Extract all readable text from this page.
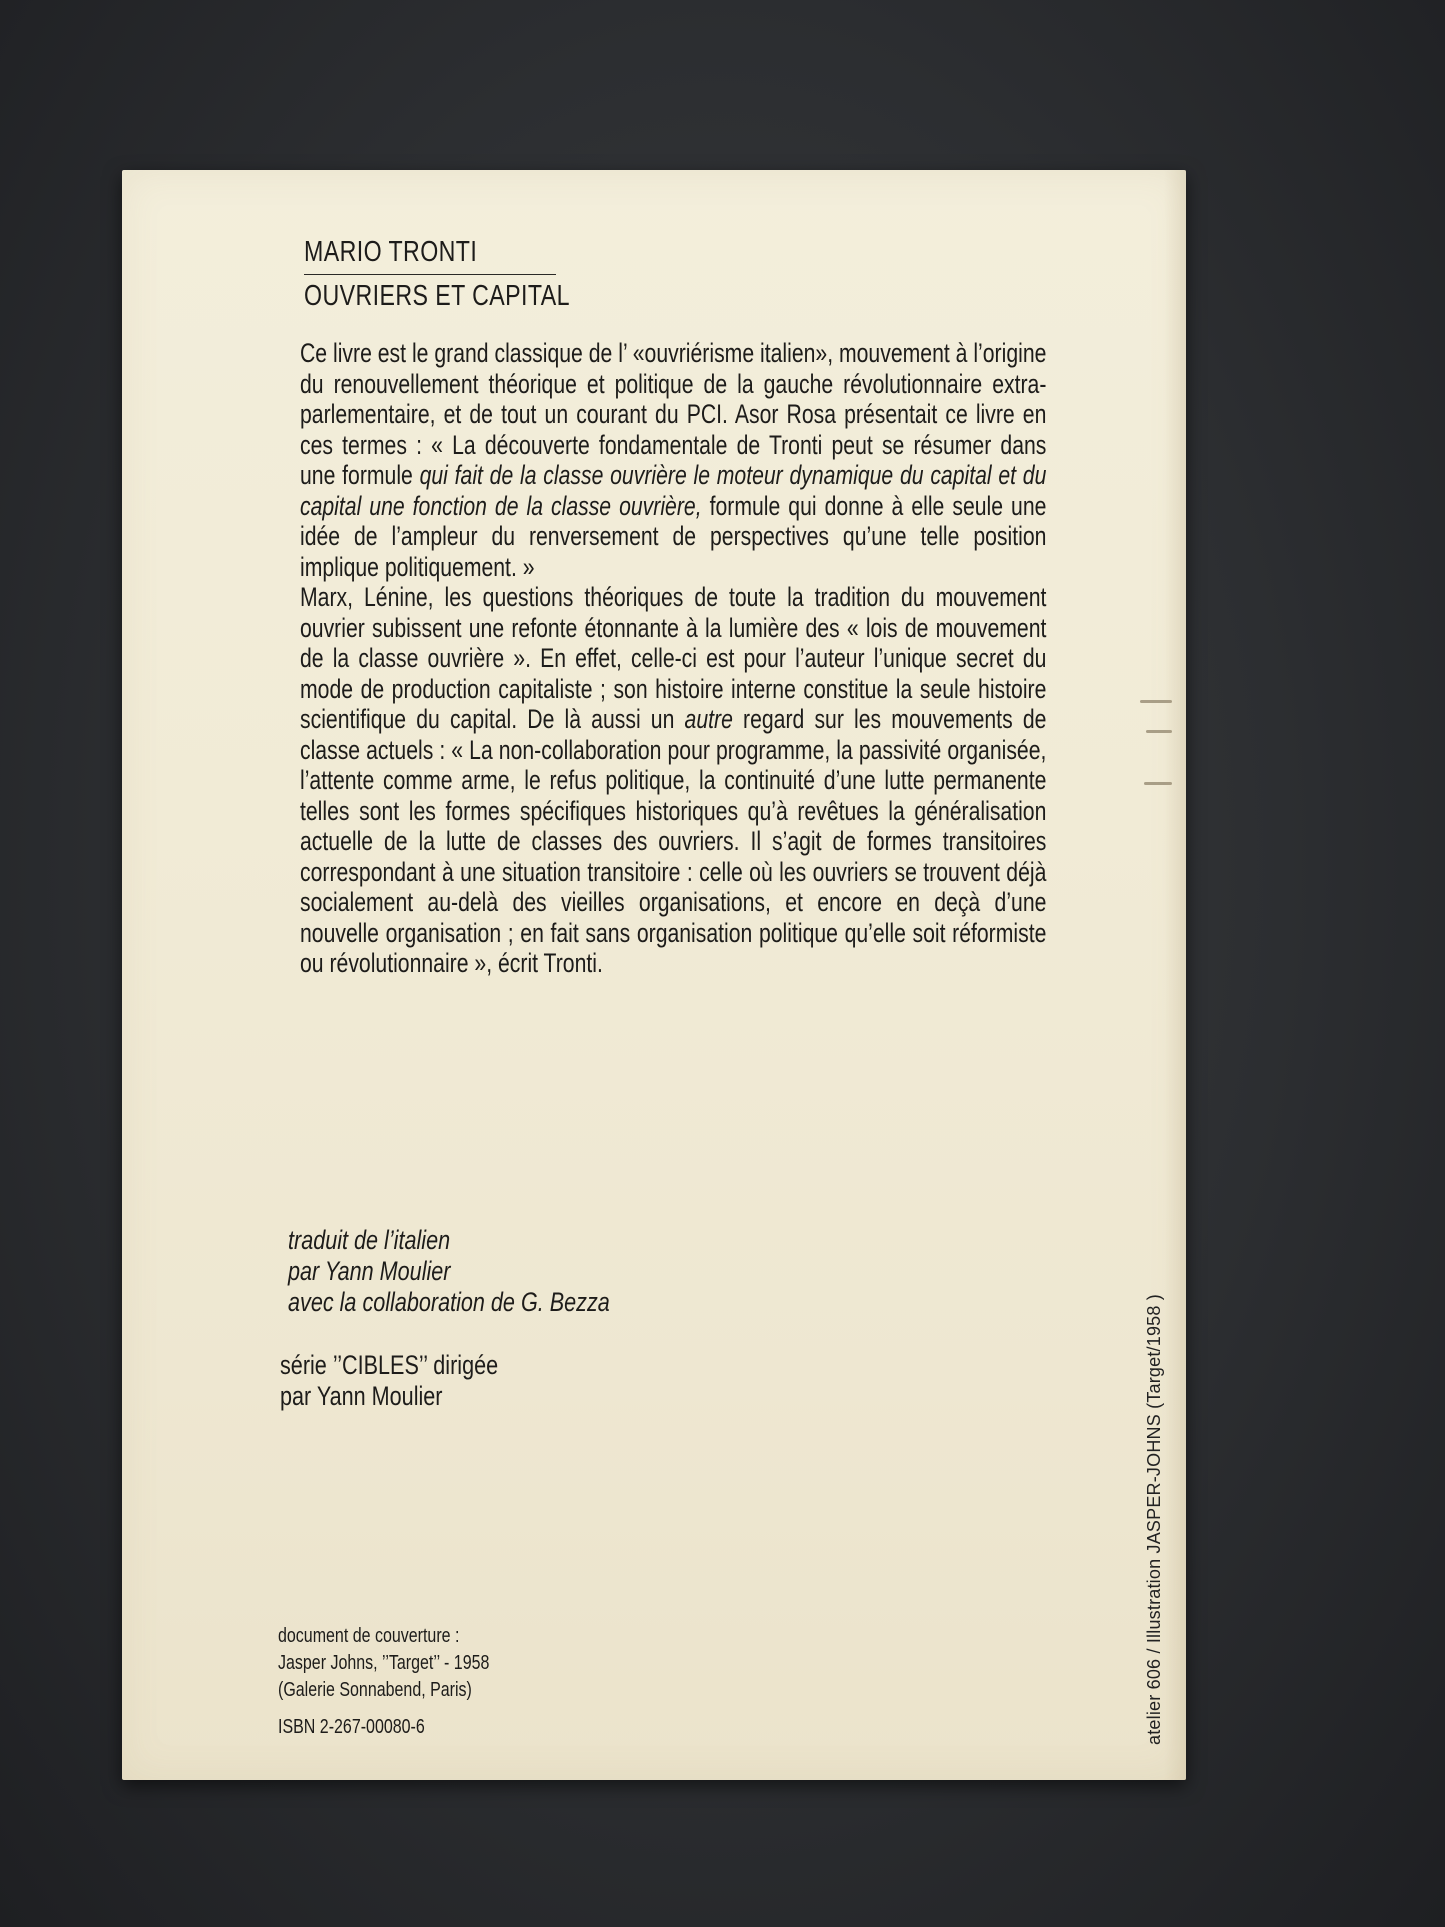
MARIO TRONTI
OUVRIERS ET CAPITAL

Ce livre est le grand classique de l’ «ouvriérisme italien», mouvement à l’origine du renouvellement théorique et politique de la gauche révolutionnaire extra-parlementaire, et de tout un courant du PCI. Asor Rosa présentait ce livre en ces termes : « La découverte fondamentale de Tronti peut se résumer dans une formule qui fait de la classe ouvrière le moteur dynamique du capital et du capital une fonction de la classe ouvrière, formule qui donne à elle seule une idée de l’ampleur du renversement de perspectives qu’une telle position implique politiquement. »

Marx, Lénine, les questions théoriques de toute la tradition du mouvement ouvrier subissent une refonte étonnante à la lumière des « lois de mouvement de la classe ouvrière ». En effet, celle-ci est pour l’auteur l’unique secret du mode de production capitaliste ; son histoire interne constitue la seule histoire scientifique du capital. De là aussi un autre regard sur les mouvements de classe actuels : « La non-collaboration pour programme, la passivité organisée, l’attente comme arme, le refus politique, la continuité d’une lutte permanente telles sont les formes spécifiques historiques qu’à revêtues la généralisation actuelle de la lutte de classes des ouvriers. Il s’agit de formes transitoires correspondant à une situation transitoire : celle où les ouvriers se trouvent déjà socialement au-delà des vieilles organisations, et encore en deçà d’une nouvelle organisation ; en fait sans organisation politique qu’elle soit réformiste ou révolutionnaire », écrit Tronti.

traduit de l’italien
par Yann Moulier
avec la collaboration de G. Bezza
série ’’CIBLES’’ dirigée
par Yann Moulier
document de couverture :
Jasper Johns, ’’Target’’ - 1958
(Galerie Sonnabend, Paris)
ISBN 2-267-00080-6	atelier 606 / Illustration JASPER-JOHNS (Target/1958 )
